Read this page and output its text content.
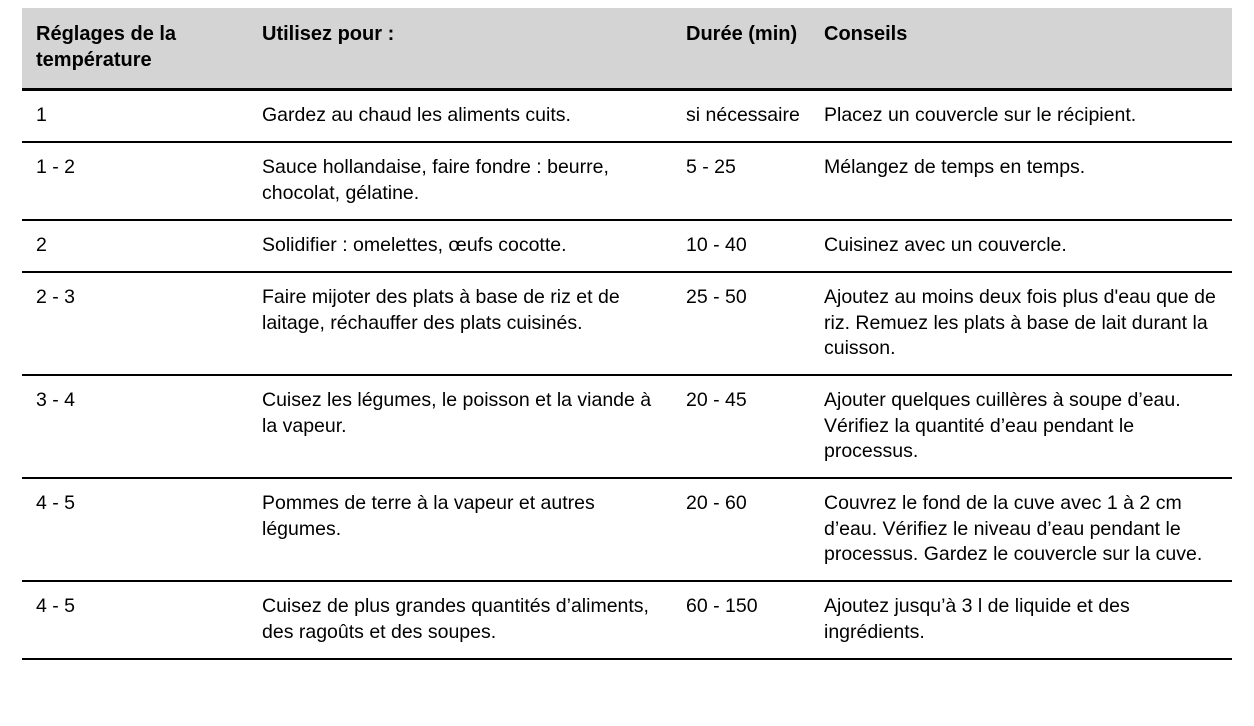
Réglages de la température	Utilisez pour :	Durée (min)	Conseils
1	Gardez au chaud les aliments cuits.	si nécessaire	Placez un couvercle sur le récipient.
1 - 2	Sauce hollandaise, faire fondre : beurre, chocolat, gélatine.	5 - 25	Mélangez de temps en temps.
2	Solidifier : omelettes, œufs cocotte.	10 - 40	Cuisinez avec un couvercle.
2 - 3	Faire mijoter des plats à base de riz et de laitage, réchauffer des plats cuisinés.	25 - 50	Ajoutez au moins deux fois plus d'eau que de riz. Remuez les plats à base de lait durant la cuisson.
3 - 4	Cuisez les légumes, le poisson et la viande à la vapeur.	20 - 45	Ajouter quelques cuillères à soupe d’eau. Vérifiez la quantité d’eau pendant le processus.
4 - 5	Pommes de terre à la vapeur et autres légumes.	20 - 60	Couvrez le fond de la cuve avec 1 à 2 cm d’eau. Vérifiez le niveau d’eau pendant le processus. Gardez le couvercle sur la cuve.
4 - 5	Cuisez de plus grandes quantités d’aliments, des ragoûts et des soupes.	60 - 150	Ajoutez jusqu’à 3 l de liquide et des ingrédients.
